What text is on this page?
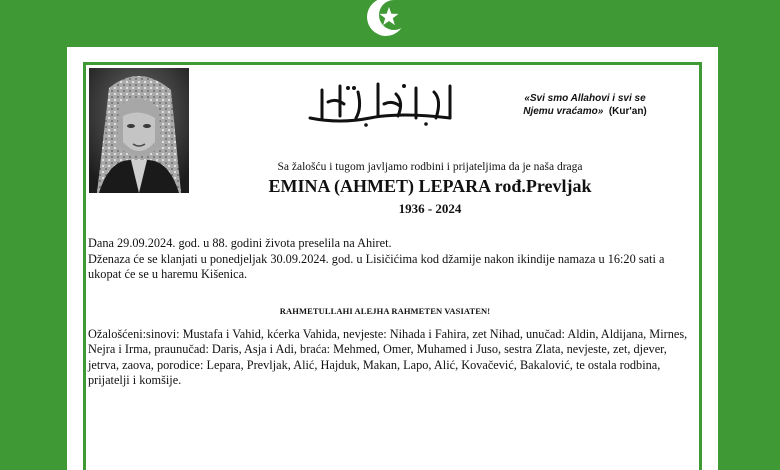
«Svi smo Allahovi i svi se
Njemu vraćamo» (Kur'an)
Sa žalošću i tugom javljamo rodbini i prijateljima da je naša draga
EMINA (AHMET) LEPARA rođ.Prevljak
1936 - 2024

Dana 29.09.2024. god. u 88. godini života preselila na Ahiret.

Dženaza će se klanjati u ponedjeljak 30.09.2024. god. u Lisičićima kod džamije nakon ikindije namaza u 16:20 sati a ukopat će se u haremu Kišenica.

RAHMETULLAHI ALEJHA RAHMETEN VASIATEN!
Ožalošćeni:sinovi: Mustafa i Vahid, kćerka Vahida, nevjeste: Nihada i Fahira, zet Nihad, unučad: Aldin, Aldijana, Mirnes, Nejra i Irma, praunučad: Daris, Asja i Adi, braća: Mehmed, Omer, Muhamed i Juso, sestra Zlata, nevjeste, zet, djever, jetrva, zaova, porodice: Lepara, Prevljak, Alić, Hajduk, Makan, Lapo, Alić, Kovačević, Bakalović, te ostala rodbina, prijatelji i komšije.
